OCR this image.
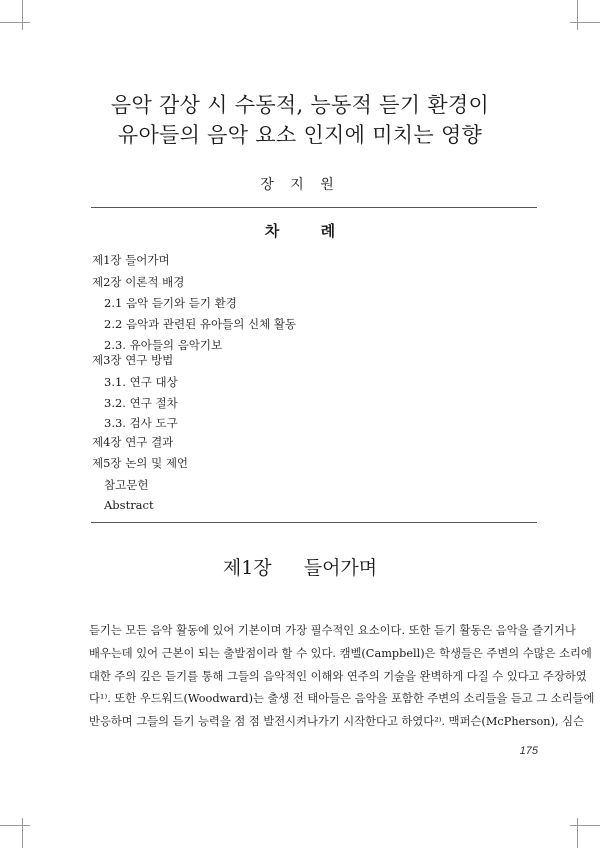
음악 감상 시 수동적, 능동적 듣기 환경이
유아들의 음악 요소 인지에 미치는 영향
장 지 원
차 례
제1장 들어가며
제2장 이론적 배경
2.1 음악 듣기와 듣기 환경
2.2 음악과 관련된 유아들의 신체 활동
2.3. 유아들의 음악기보
제3장 연구 방법
3.1. 연구 대상
3.2. 연구 절차
3.3. 검사 도구
제4장 연구 결과
제5장 논의 및 제언
참고문헌
Abstract
제1장  들어가며
듣기는 모든 음악 활동에 있어 기본이며 가장 필수적인 요소이다. 또한 듣기 활동은 음악을 즐기거나
배우는데 있어 근본이 되는 출발점이라 할 수 있다. 캠벨(Campbell)은 학생들은 주변의 수많은 소리에
대한 주의 깊은 듣기를 통해 그들의 음악적인 이해와 연주의 기술을 완벽하게 다질 수 있다고 주장하였
다¹⁾. 또한 우드워드(Woodward)는 출생 전 태아들은 음악을 포함한 주변의 소리들을 듣고 그 소리들에
반응하며 그들의 듣기 능력을 점 점 발전시켜나가기 시작한다고 하였다²⁾. 맥퍼슨(McPherson), 심슨
175
